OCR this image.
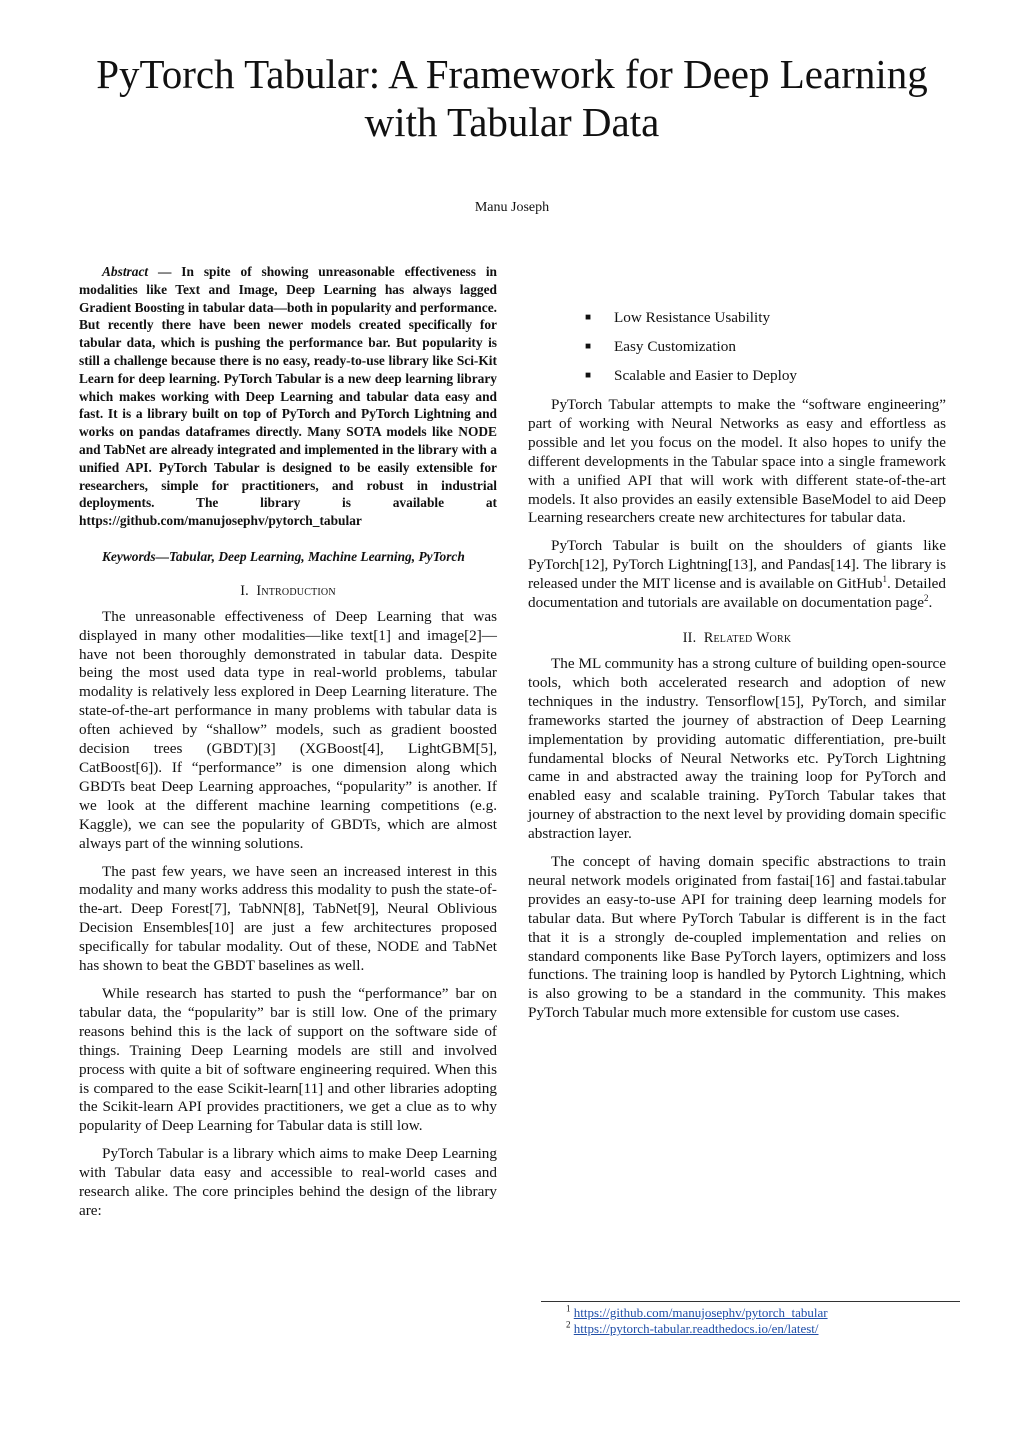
PyTorch Tabular: A Framework for Deep Learning
with Tabular Data
Manu Joseph

Abstract — In spite of showing unreasonable effectiveness in modalities like Text and Image, Deep Learning has always lagged Gradient Boosting in tabular data—both in popularity and performance. But recently there have been newer models created specifically for tabular data, which is pushing the performance bar. But popularity is still a challenge because there is no easy, ready-to-use library like Sci-Kit Learn for deep learning. PyTorch Tabular is a new deep learning library which makes working with Deep Learning and tabular data easy and fast. It is a library built on top of PyTorch and PyTorch Lightning and works on pandas dataframes directly. Many SOTA models like NODE and TabNet are already integrated and implemented in the library with a unified API. PyTorch Tabular is designed to be easily extensible for researchers, simple for practitioners, and robust in industrial deployments. The library is available at https://github.com/manujosephv/pytorch_tabular

Keywords—Tabular, Deep Learning, Machine Learning, PyTorch

I. Introduction

The unreasonable effectiveness of Deep Learning that was displayed in many other modalities—like text[1] and image[2]—have not been thoroughly demonstrated in tabular data. Despite being the most used data type in real-world problems, tabular modality is relatively less explored in Deep Learning literature. The state-of-the-art performance in many problems with tabular data is often achieved by “shallow” models, such as gradient boosted decision trees (GBDT)[3] (XGBoost[4], LightGBM[5], CatBoost[6]). If “performance” is one dimension along which GBDTs beat Deep Learning approaches, “popularity” is another. If we look at the different machine learning competitions (e.g. Kaggle), we can see the popularity of GBDTs, which are almost always part of the winning solutions.

The past few years, we have seen an increased interest in this modality and many works address this modality to push the state-of-the-art. Deep Forest[7], TabNN[8], TabNet[9], Neural Oblivious Decision Ensembles[10] are just a few architectures proposed specifically for tabular modality. Out of these, NODE and TabNet has shown to beat the GBDT baselines as well.

While research has started to push the “performance” bar on tabular data, the “popularity” bar is still low. One of the primary reasons behind this is the lack of support on the software side of things. Training Deep Learning models are still and involved process with quite a bit of software engineering required. When this is compared to the ease Scikit-learn[11] and other libraries adopting the Scikit-learn API provides practitioners, we get a clue as to why popularity of Deep Learning for Tabular data is still low.

PyTorch Tabular is a library which aims to make Deep Learning with Tabular data easy and accessible to real-world cases and research alike. The core principles behind the design of the library are:

■ Low Resistance Usability
■ Easy Customization
■ Scalable and Easier to Deploy

PyTorch Tabular attempts to make the “software engineering” part of working with Neural Networks as easy and effortless as possible and let you focus on the model. It also hopes to unify the different developments in the Tabular space into a single framework with a unified API that will work with different state-of-the-art models. It also provides an easily extensible BaseModel to aid Deep Learning researchers create new architectures for tabular data.

PyTorch Tabular is built on the shoulders of giants like PyTorch[12], PyTorch Lightning[13], and Pandas[14]. The library is released under the MIT license and is available on GitHub$^1$. Detailed documentation and tutorials are available on documentation page$^2$.

II. Related Work

The ML community has a strong culture of building open-source tools, which both accelerated research and adoption of new techniques in the industry. Tensorflow[15], PyTorch, and similar frameworks started the journey of abstraction of Deep Learning implementation by providing automatic differentiation, pre-built fundamental blocks of Neural Networks etc. PyTorch Lightning came in and abstracted away the training loop for PyTorch and enabled easy and scalable training. PyTorch Tabular takes that journey of abstraction to the next level by providing domain specific abstraction layer.

The concept of having domain specific abstractions to train neural network models originated from fastai[16] and fastai.tabular provides an easy-to-use API for training deep learning models for tabular data. But where PyTorch Tabular is different is in the fact that it is a strongly de-coupled implementation and relies on standard components like Base PyTorch layers, optimizers and loss functions. The training loop is handled by Pytorch Lightning, which is also growing to be a standard in the community. This makes PyTorch Tabular much more extensible for custom use cases.

$^1$ https://github.com/manujosephv/pytorch_tabular
$^2$ https://pytorch-tabular.readthedocs.io/en/latest/
